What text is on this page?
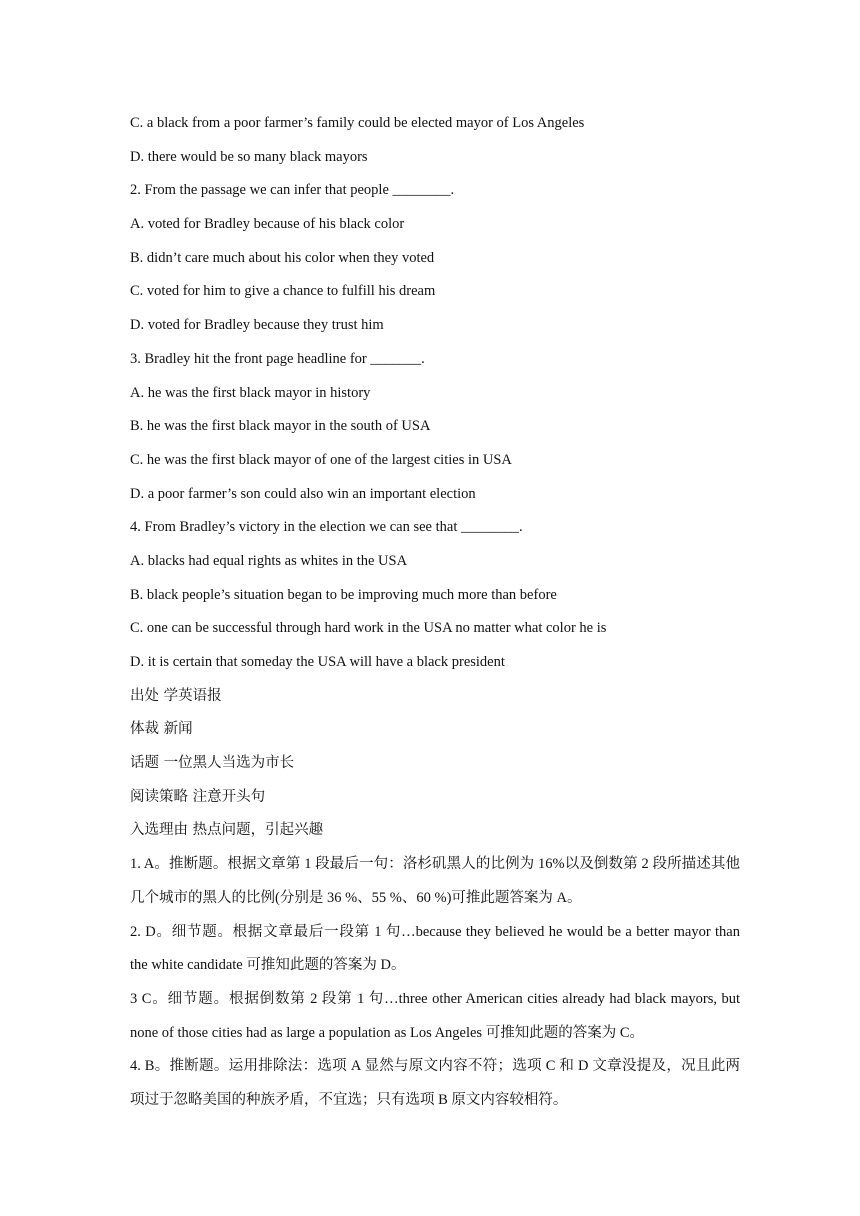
C. a black from a poor farmer’s family could be elected mayor of Los Angeles
D. there would be so many black mayors
2. From the passage we can infer that people ________.
A. voted for Bradley because of his black color
B. didn’t care much about his color when they voted
C. voted for him to give a chance to fulfill his dream
D. voted for Bradley because they trust him
3. Bradley hit the front page headline for _______.
A. he was the first black mayor in history
B. he was the first black mayor in the south of USA
C. he was the first black mayor of one of the largest cities in USA
D. a poor farmer’s son could also win an important election
4. From Bradley’s victory in the election we can see that ________.
A. blacks had equal rights as whites in the USA
B. black people’s situation began to be improving much more than before
C. one can be successful through hard work in the USA no matter what color he is
D. it is certain that someday the USA will have a black president
出处 学英语报
体裁 新闻
话题 一位黑人当选为市长
阅读策略 注意开头句
入选理由 热点问题，引起兴趣
1. A。推断题。根据文章第 1 段最后一句：洛杉矶黑人的比例为 16%以及倒数第 2 段所描述其他几个城市的黑人的比例(分别是 36 %、55 %、60 %)可推此题答案为 A。
2. D。细节题。根据文章最后一段第 1 句…because they believed he would be a better mayor than the white candidate 可推知此题的答案为 D。
3 C。细节题。根据倒数第 2 段第 1 句…three other American cities already had black mayors, but none of those cities had as large a population as Los Angeles 可推知此题的答案为 C。
4. B。推断题。运用排除法：选项 A 显然与原文内容不符；选项 C 和 D 文章没提及，况且此两项过于忽略美国的种族矛盾，不宜选；只有选项 B 原文内容较相符。
